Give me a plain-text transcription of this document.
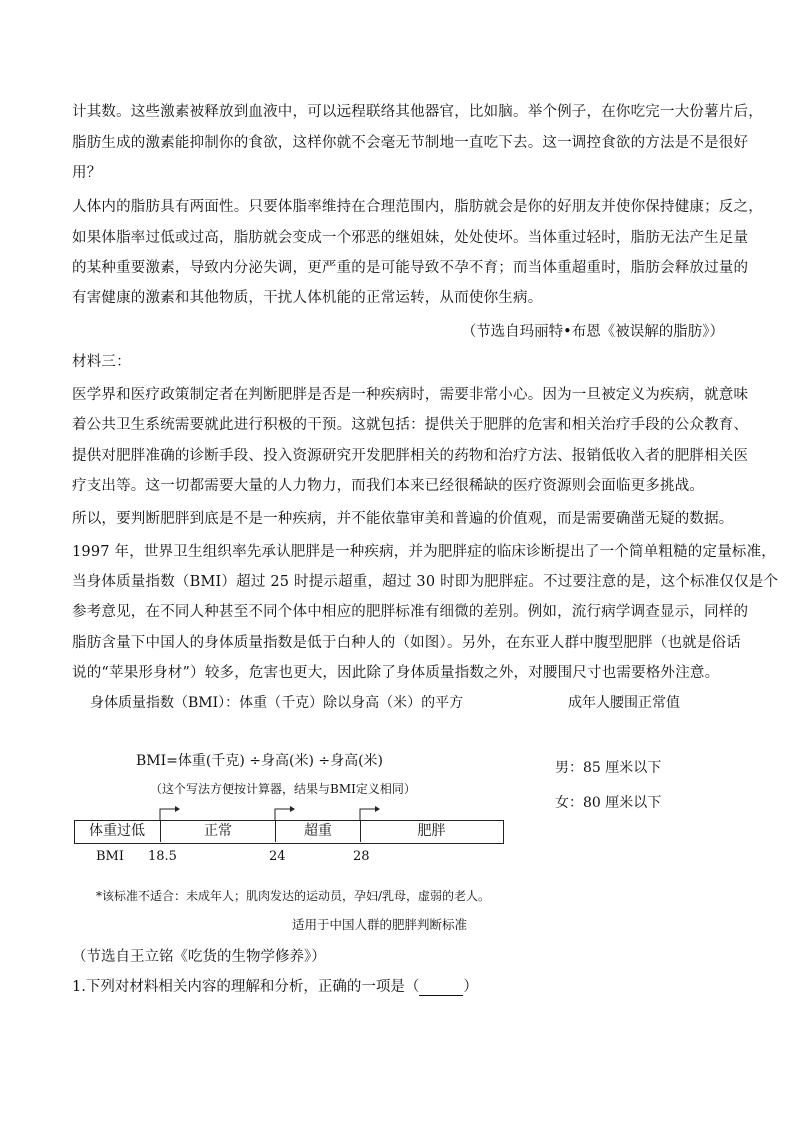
计其数。这些激素被释放到血液中，可以远程联络其他器官，比如脑。举个例子，在你吃完一大份薯片后，
脂肪生成的激素能抑制你的食欲，这样你就不会毫无节制地一直吃下去。这一调控食欲的方法是不是很好
用？
人体内的脂肪具有两面性。只要体脂率维持在合理范围内，脂肪就会是你的好朋友并使你保持健康；反之，
如果体脂率过低或过高，脂肪就会变成一个邪恶的继姐妹，处处使坏。当体重过轻时，脂肪无法产生足量
的某种重要激素，导致内分泌失调，更严重的是可能导致不孕不育；而当体重超重时，脂肪会释放过量的
有害健康的激素和其他物质，干扰人体机能的正常运转，从而使你生病。
（节选自玛丽特•布恩《被误解的脂肪》）
材料三：
医学界和医疗政策制定者在判断肥胖是否是一种疾病时，需要非常小心。因为一旦被定义为疾病，就意味
着公共卫生系统需要就此进行积极的干预。这就包括：提供关于肥胖的危害和相关治疗手段的公众教育、
提供对肥胖准确的诊断手段、投入资源研究开发肥胖相关的药物和治疗方法、报销低收入者的肥胖相关医
疗支出等。这一切都需要大量的人力物力，而我们本来已经很稀缺的医疗资源则会面临更多挑战。
所以，要判断肥胖到底是不是一种疾病，并不能依靠审美和普遍的价值观，而是需要确凿无疑的数据。
1997 年，世界卫生组织率先承认肥胖是一种疾病，并为肥胖症的临床诊断提出了一个简单粗糙的定量标准，
当身体质量指数（BMI）超过 25 时提示超重，超过 30 时即为肥胖症。不过要注意的是，这个标准仅仅是个
参考意见，在不同人种甚至不同个体中相应的肥胖标准有细微的差别。例如，流行病学调查显示，同样的
脂肪含量下中国人的身体质量指数是低于白种人的（如图）。另外，在东亚人群中腹型肥胖（也就是俗话
说的“苹果形身材”）较多，危害也更大，因此除了身体质量指数之外，对腰围尺寸也需要格外注意。
身体质量指数（BMI）：体重（千克）除以身高（米）的平方	成年人腰围正常值
BMI=体重(千克) ÷身高(米) ÷身高(米)
（这个写法方便按计算器，结果与BMI定义相同）
男：85 厘米以下
女：80 厘米以下
体重过低	正常	超重	肥胖
BMI 18.5	24	28
*该标准不适合：未成年人；肌肉发达的运动员，孕妇/乳母，虚弱的老人。
适用于中国人群的肥胖判断标准
（节选自王立铭《吃货的生物学修养》）
1.下列对材料相关内容的理解和分析，正确的一项是（	）
